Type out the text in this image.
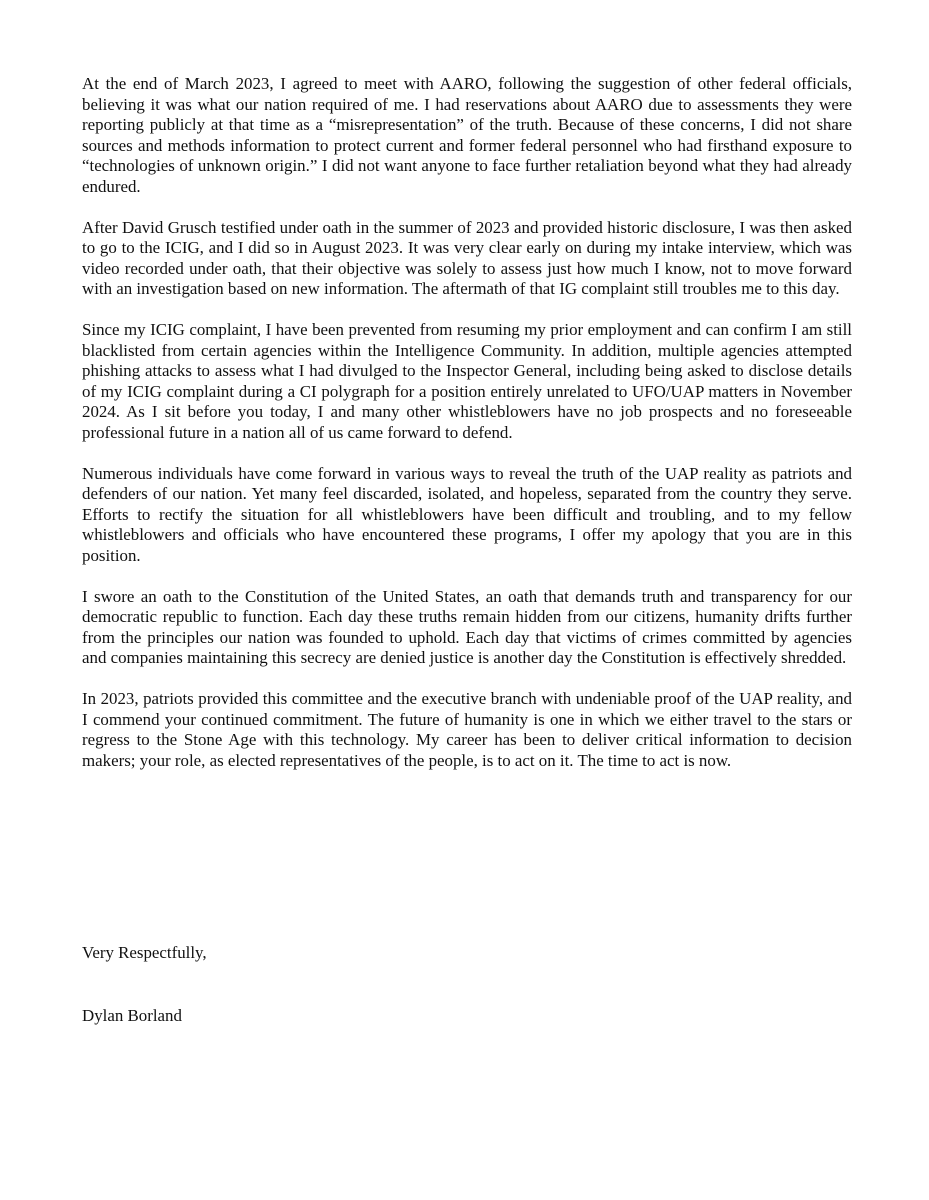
At the end of March 2023, I agreed to meet with AARO, following the suggestion of other federal officials, believing it was what our nation required of me. I had reservations about AARO due to assessments they were reporting publicly at that time as a “misrepresentation” of the truth. Because of these concerns, I did not share sources and methods information to protect current and former federal personnel who had firsthand exposure to “technologies of unknown origin.” I did not want anyone to face further retaliation beyond what they had already endured.

After David Grusch testified under oath in the summer of 2023 and provided historic disclosure, I was then asked to go to the ICIG, and I did so in August 2023. It was very clear early on during my intake interview, which was video recorded under oath, that their objective was solely to assess just how much I know, not to move forward with an investigation based on new information. The aftermath of that IG complaint still troubles me to this day.

Since my ICIG complaint, I have been prevented from resuming my prior employment and can confirm I am still blacklisted from certain agencies within the Intelligence Community. In addition, multiple agencies attempted phishing attacks to assess what I had divulged to the Inspector General, including being asked to disclose details of my ICIG complaint during a CI polygraph for a position entirely unrelated to UFO/UAP matters in November 2024. As I sit before you today, I and many other whistleblowers have no job prospects and no foreseeable professional future in a nation all of us came forward to defend.

Numerous individuals have come forward in various ways to reveal the truth of the UAP reality as patriots and defenders of our nation. Yet many feel discarded, isolated, and hopeless, separated from the country they serve. Efforts to rectify the situation for all whistleblowers have been difficult and troubling, and to my fellow whistleblowers and officials who have encountered these programs, I offer my apology that you are in this position.

I swore an oath to the Constitution of the United States, an oath that demands truth and transparency for our democratic republic to function. Each day these truths remain hidden from our citizens, humanity drifts further from the principles our nation was founded to uphold. Each day that victims of crimes committed by agencies and companies maintaining this secrecy are denied justice is another day the Constitution is effectively shredded.

In 2023, patriots provided this committee and the executive branch with undeniable proof of the UAP reality, and I commend your continued commitment. The future of humanity is one in which we either travel to the stars or regress to the Stone Age with this technology. My career has been to deliver critical information to decision makers; your role, as elected representatives of the people, is to act on it. The time to act is now.

Very Respectfully,

Dylan Borland
